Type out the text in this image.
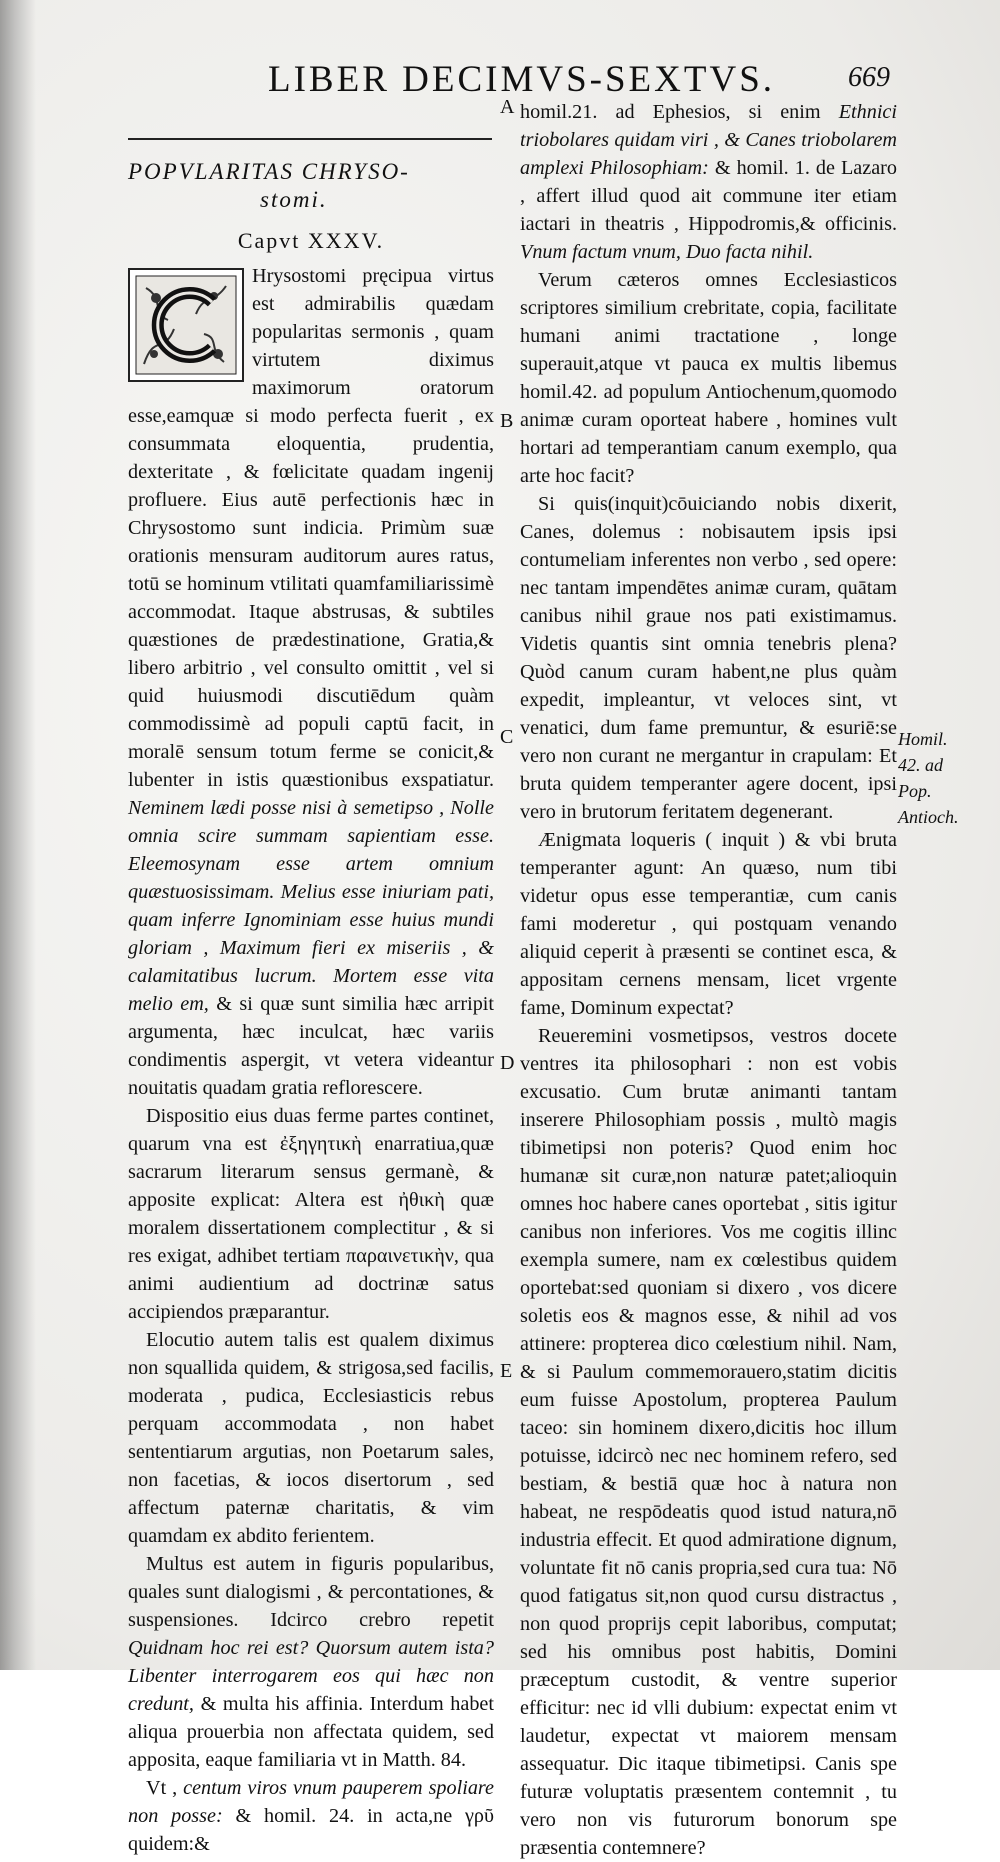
LIBER DECIMVS-SEXTVS.	669
POPVLARITAS CHRYSO-
stomi.
Capvt XXXV.

Hrysostomi pręcipua virtus est admirabilis quædam popularitas sermonis , quam virtutem diximus maximorum oratorum esse,eamquæ si modo perfecta fuerit , ex consummata eloquentia, prudentia, dexteritate , & fœlicitate quadam ingenij profluere. Eius autē perfectionis hæc in Chrysostomo sunt indicia. Primùm suæ orationis mensuram auditorum aures ratus, totū se hominum vtilitati quamfamiliarissimè accommodat. Itaque abstrusas, & subtiles quæstiones de prædestinatione, Gratia,& libero arbitrio , vel consulto omittit , vel si quid huiusmodi discutiēdum quàm commodissimè ad populi captū facit, in moralē sensum totum ferme se conicit,& lubenter in istis quæstionibus exspatiatur. Neminem lædi posse nisi à semetipso , Nolle omnia scire summam sapientiam esse. Eleemosynam esse artem omnium quæstuosissimam. Melius esse iniuriam pati, quam inferre Ignominiam esse huius mundi gloriam , Maximum fieri ex miseriis , & calamitatibus lucrum. Mortem esse vita melio em, & si quæ sunt similia hæc arripit argumenta, hæc inculcat, hæc variis condimentis aspergit, vt vetera videantur nouitatis quadam gratia reflorescere.

Dispositio eius duas ferme partes continet, quarum vna est ἐξηγητικὴ enarratiua,quæ sacrarum literarum sensus germanè, & apposite explicat: Altera est ἠθικὴ quæ moralem dissertationem complectitur , & si res exigat, adhibet tertiam παραινετικὴν, qua animi audientium ad doctrinæ satus accipiendos præparantur.

Elocutio autem talis est qualem diximus non squallida quidem, & strigosa,sed facilis, moderata , pudica, Ecclesiasticis rebus perquam accommodata , non habet sententiarum argutias, non Poetarum sales, non facetias, & iocos disertorum , sed affectum paternæ charitatis, & vim quamdam ex abdito ferientem.

Multus est autem in figuris popularibus, quales sunt dialogismi , & percontationes, & suspensiones. Idcirco crebro repetit Quidnam hoc rei est? Quorsum autem ista? Libenter interrogarem eos qui hæc non credunt, & multa his affinia. Interdum habet aliqua prouerbia non affectata quidem, sed apposita, eaque familiaria vt in Matth. 84.

Vt , centum viros vnum pauperem spoliare non posse: & homil. 24. in acta,ne γρῦ quidem:&

homil.21. ad Ephesios, si enim Ethnici triobolares quidam viri , & Canes triobolarem amplexi Philosophiam: & homil. 1. de Lazaro , affert illud quod ait commune iter etiam iactari in theatris , Hippodromis,& officinis. Vnum factum vnum, Duo facta nihil.

Verum cæteros omnes Ecclesiasticos scriptores similium crebritate, copia, facilitate humani animi tractatione , longe superauit,atque vt pauca ex multis libemus homil.42. ad populum Antiochenum,quomodo animæ curam oporteat habere , homines vult hortari ad temperantiam canum exemplo, qua arte hoc facit?

Si quis(inquit)cōuiciando nobis dixerit, Canes, dolemus : nobisautem ipsis ipsi contumeliam inferentes non verbo , sed opere: nec tantam impendētes animæ curam, quātam canibus nihil graue nos pati existimamus. Videtis quantis sint omnia tenebris plena? Quòd canum curam habent,ne plus quàm expedit, impleantur, vt veloces sint, vt venatici, dum fame premuntur, & esuriē:se vero non curant ne mergantur in crapulam: Et bruta quidem temperanter agere docent, ipsi vero in brutorum feritatem degenerant.

Ænigmata loqueris ( inquit ) & vbi bruta temperanter agunt: An quæso, num tibi videtur opus esse temperantiæ, cum canis fami moderetur , qui postquam venando aliquid ceperit à præsenti se continet esca, & appositam cernens mensam, licet vrgente fame, Dominum expectat?

Reueremini vosmetipsos, vestros docete ventres ita philosophari : non est vobis excusatio. Cum brutæ animanti tantam inserere Philosophiam possis , multò magis tibimetipsi non poteris? Quod enim hoc humanæ sit curæ,non naturæ patet;alioquin omnes hoc habere canes oportebat , sitis igitur canibus non inferiores. Vos me cogitis illinc exempla sumere, nam ex cœlestibus quidem oportebat:sed quoniam si dixero , vos dicere soletis eos & magnos esse, & nihil ad vos attinere: propterea dico cœlestium nihil. Nam, & si Paulum commemorauero,statim dicitis eum fuisse Apostolum, propterea Paulum taceo: sin hominem dixero,dicitis hoc illum potuisse, idcircò nec nec hominem refero, sed bestiam, & bestiā quæ hoc à natura non habeat, ne respōdeatis quod istud natura,nō industria effecit. Et quod admiratione dignum, voluntate fit nō canis propria,sed cura tua: Nō quod fatigatus sit,non quod cursu distractus , non quod proprijs cepit laboribus, computat; sed his omnibus post habitis, Domini præceptum custodit, & ventre superior efficitur: nec id vlli dubium: expectat enim vt laudetur, expectat vt maiorem mensam assequatur. Dic itaque tibimetipsi. Canis spe futuræ voluptatis præsentem contemnit , tu vero non vis futurorum bonorum spe præsentia contemnere?

A
B
C
D
E
Homil. 42. ad Pop. Antioch.
